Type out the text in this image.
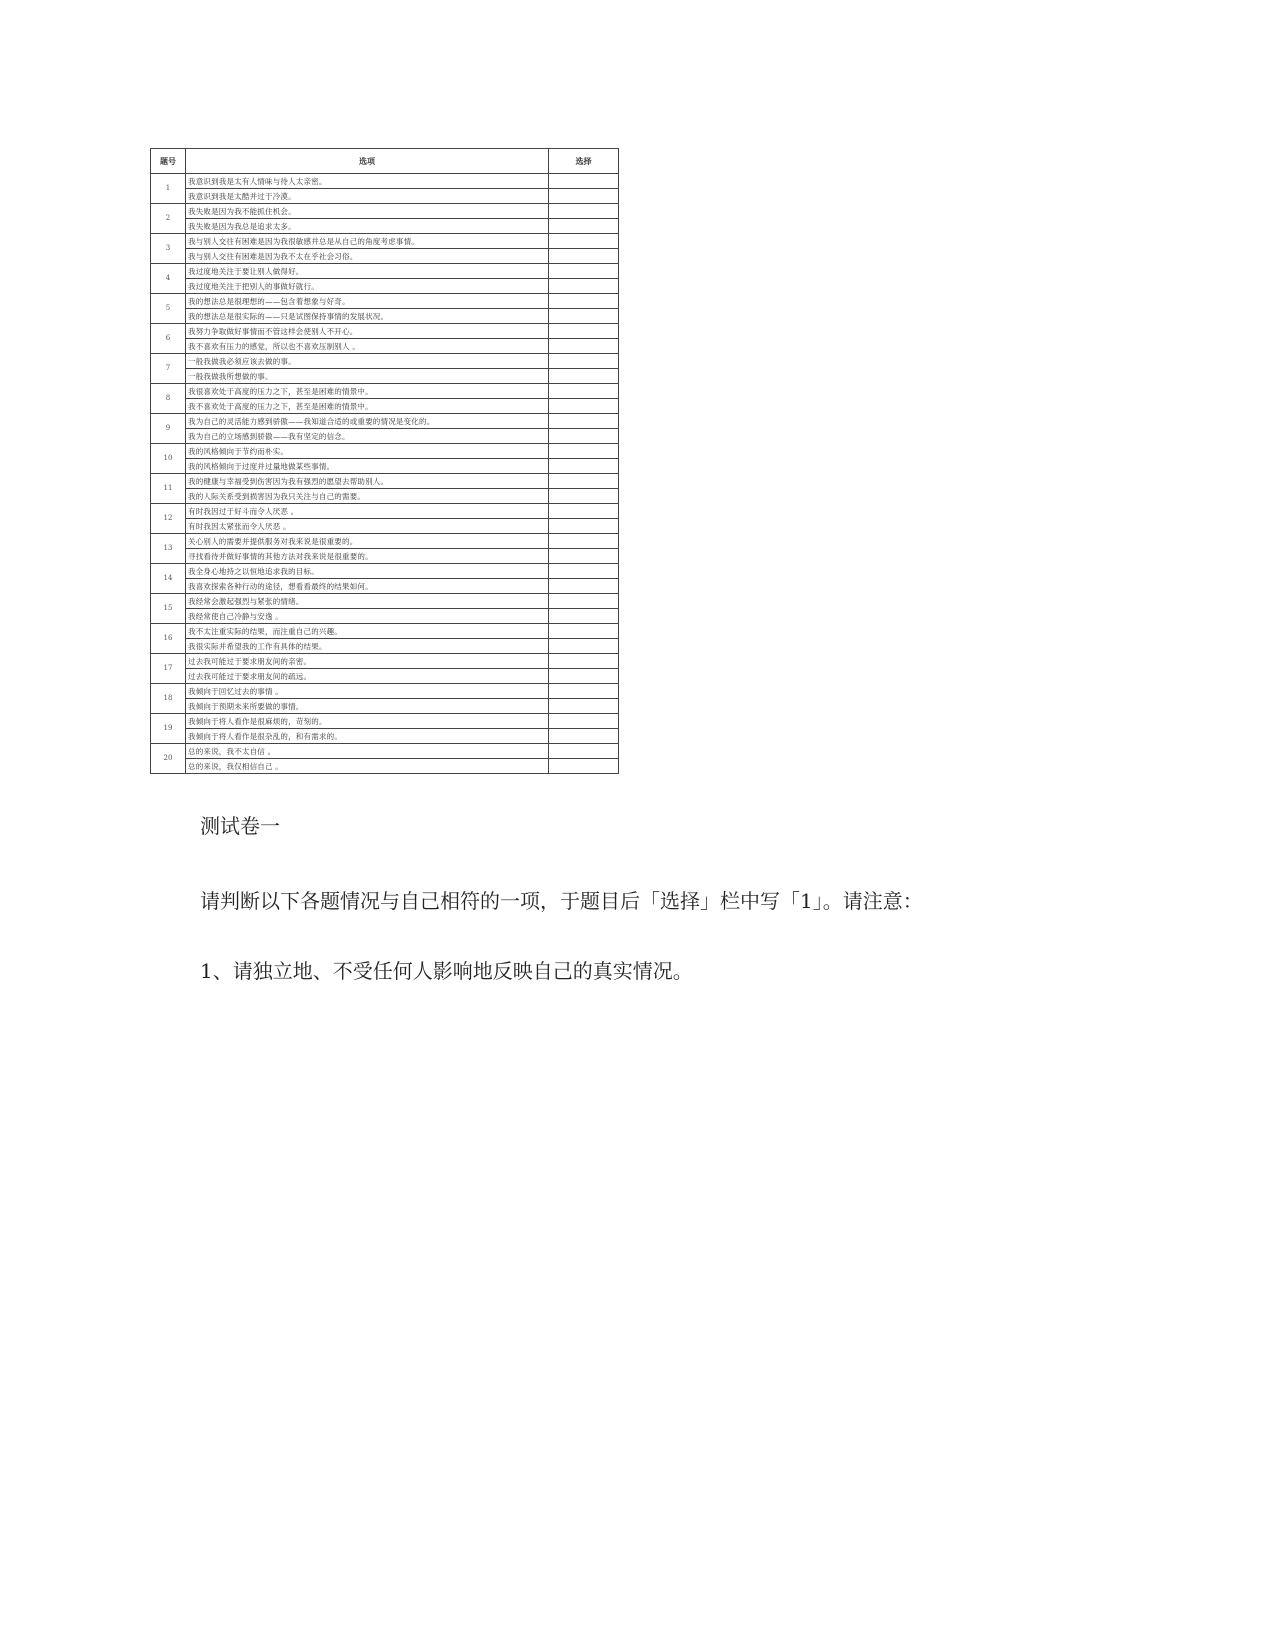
题号	选项	选择
1	我意识到我是太有人情味与待人太亲密。	
	我意识到我是太酷并过于冷漠。	
2	我失败是因为我不能抓住机会。	
	我失败是因为我总是追求太多。	
3	我与别人交往有困难是因为我很敏感并总是从自己的角度考虑事情。	
	我与别人交往有困难是因为我不太在乎社会习俗。	
4	我过度地关注于要让别人做得好。	
	我过度地关注于把别人的事做好就行。	
5	我的想法总是很理想的——包含着想象与好奇。	
	我的想法总是很实际的——只是试图保持事情的发展状况。	
6	我努力争取做好事情而不管这样会使别人不开心。	
	我不喜欢有压力的感觉，所以也不喜欢压制别人 。	
7	一般我做我必须应该去做的事。	
	一般我做我所想做的事。	
8	我很喜欢处于高度的压力之下，甚至是困难的情景中。	
	我不喜欢处于高度的压力之下，甚至是困难的情景中。	
9	我为自己的灵活能力感到骄傲——我知道合适的或重要的情况是变化的。	
	我为自己的立场感到骄傲——我有坚定的信念。	
10	我的风格倾向于节约而朴实。	
	我的风格倾向于过度并过量地做某些事情。	
11	我的健康与幸福受到伤害因为我有强烈的愿望去帮助别人。	
	我的人际关系受到损害因为我只关注与自己的需要。	
12	有时我因过于好斗而令人厌恶 。	
	有时我因太紧张而令人厌恶 。	
13	关心别人的需要并提供服务对我来说是很重要的。	
	寻找看待并做好事情的其他方法对我来说是很重要的。	
14	我全身心地持之以恒地追求我的目标。	
	我喜欢探索各种行动的途径，想看看最终的结果如何。	
15	我经常会激起强烈与紧张的情绪。	
	我经常使自己冷静与安逸 。	
16	我不太注重实际的结果，而注重自己的兴趣。	
	我很实际并希望我的工作有具体的结果。	
17	过去我可能过于要求朋友间的亲密。	
	过去我可能过于要求朋友间的疏远。	
18	我倾向于回忆过去的事情 。	
	我倾向于预期未来所要做的事情。	
19	我倾向于将人看作是很麻烦的，苛刻的。	
	我倾向于将人看作是很杂乱的，和有需求的。	
20	总的来说，我不太自信 。	
	总的来说，我仅相信自己 。	
测试卷一
请判断以下各题情况与自己相符的一项，于题目后「选择」栏中写「1」。请注意：
1、请独立地、不受任何人影响地反映自己的真实情况。
